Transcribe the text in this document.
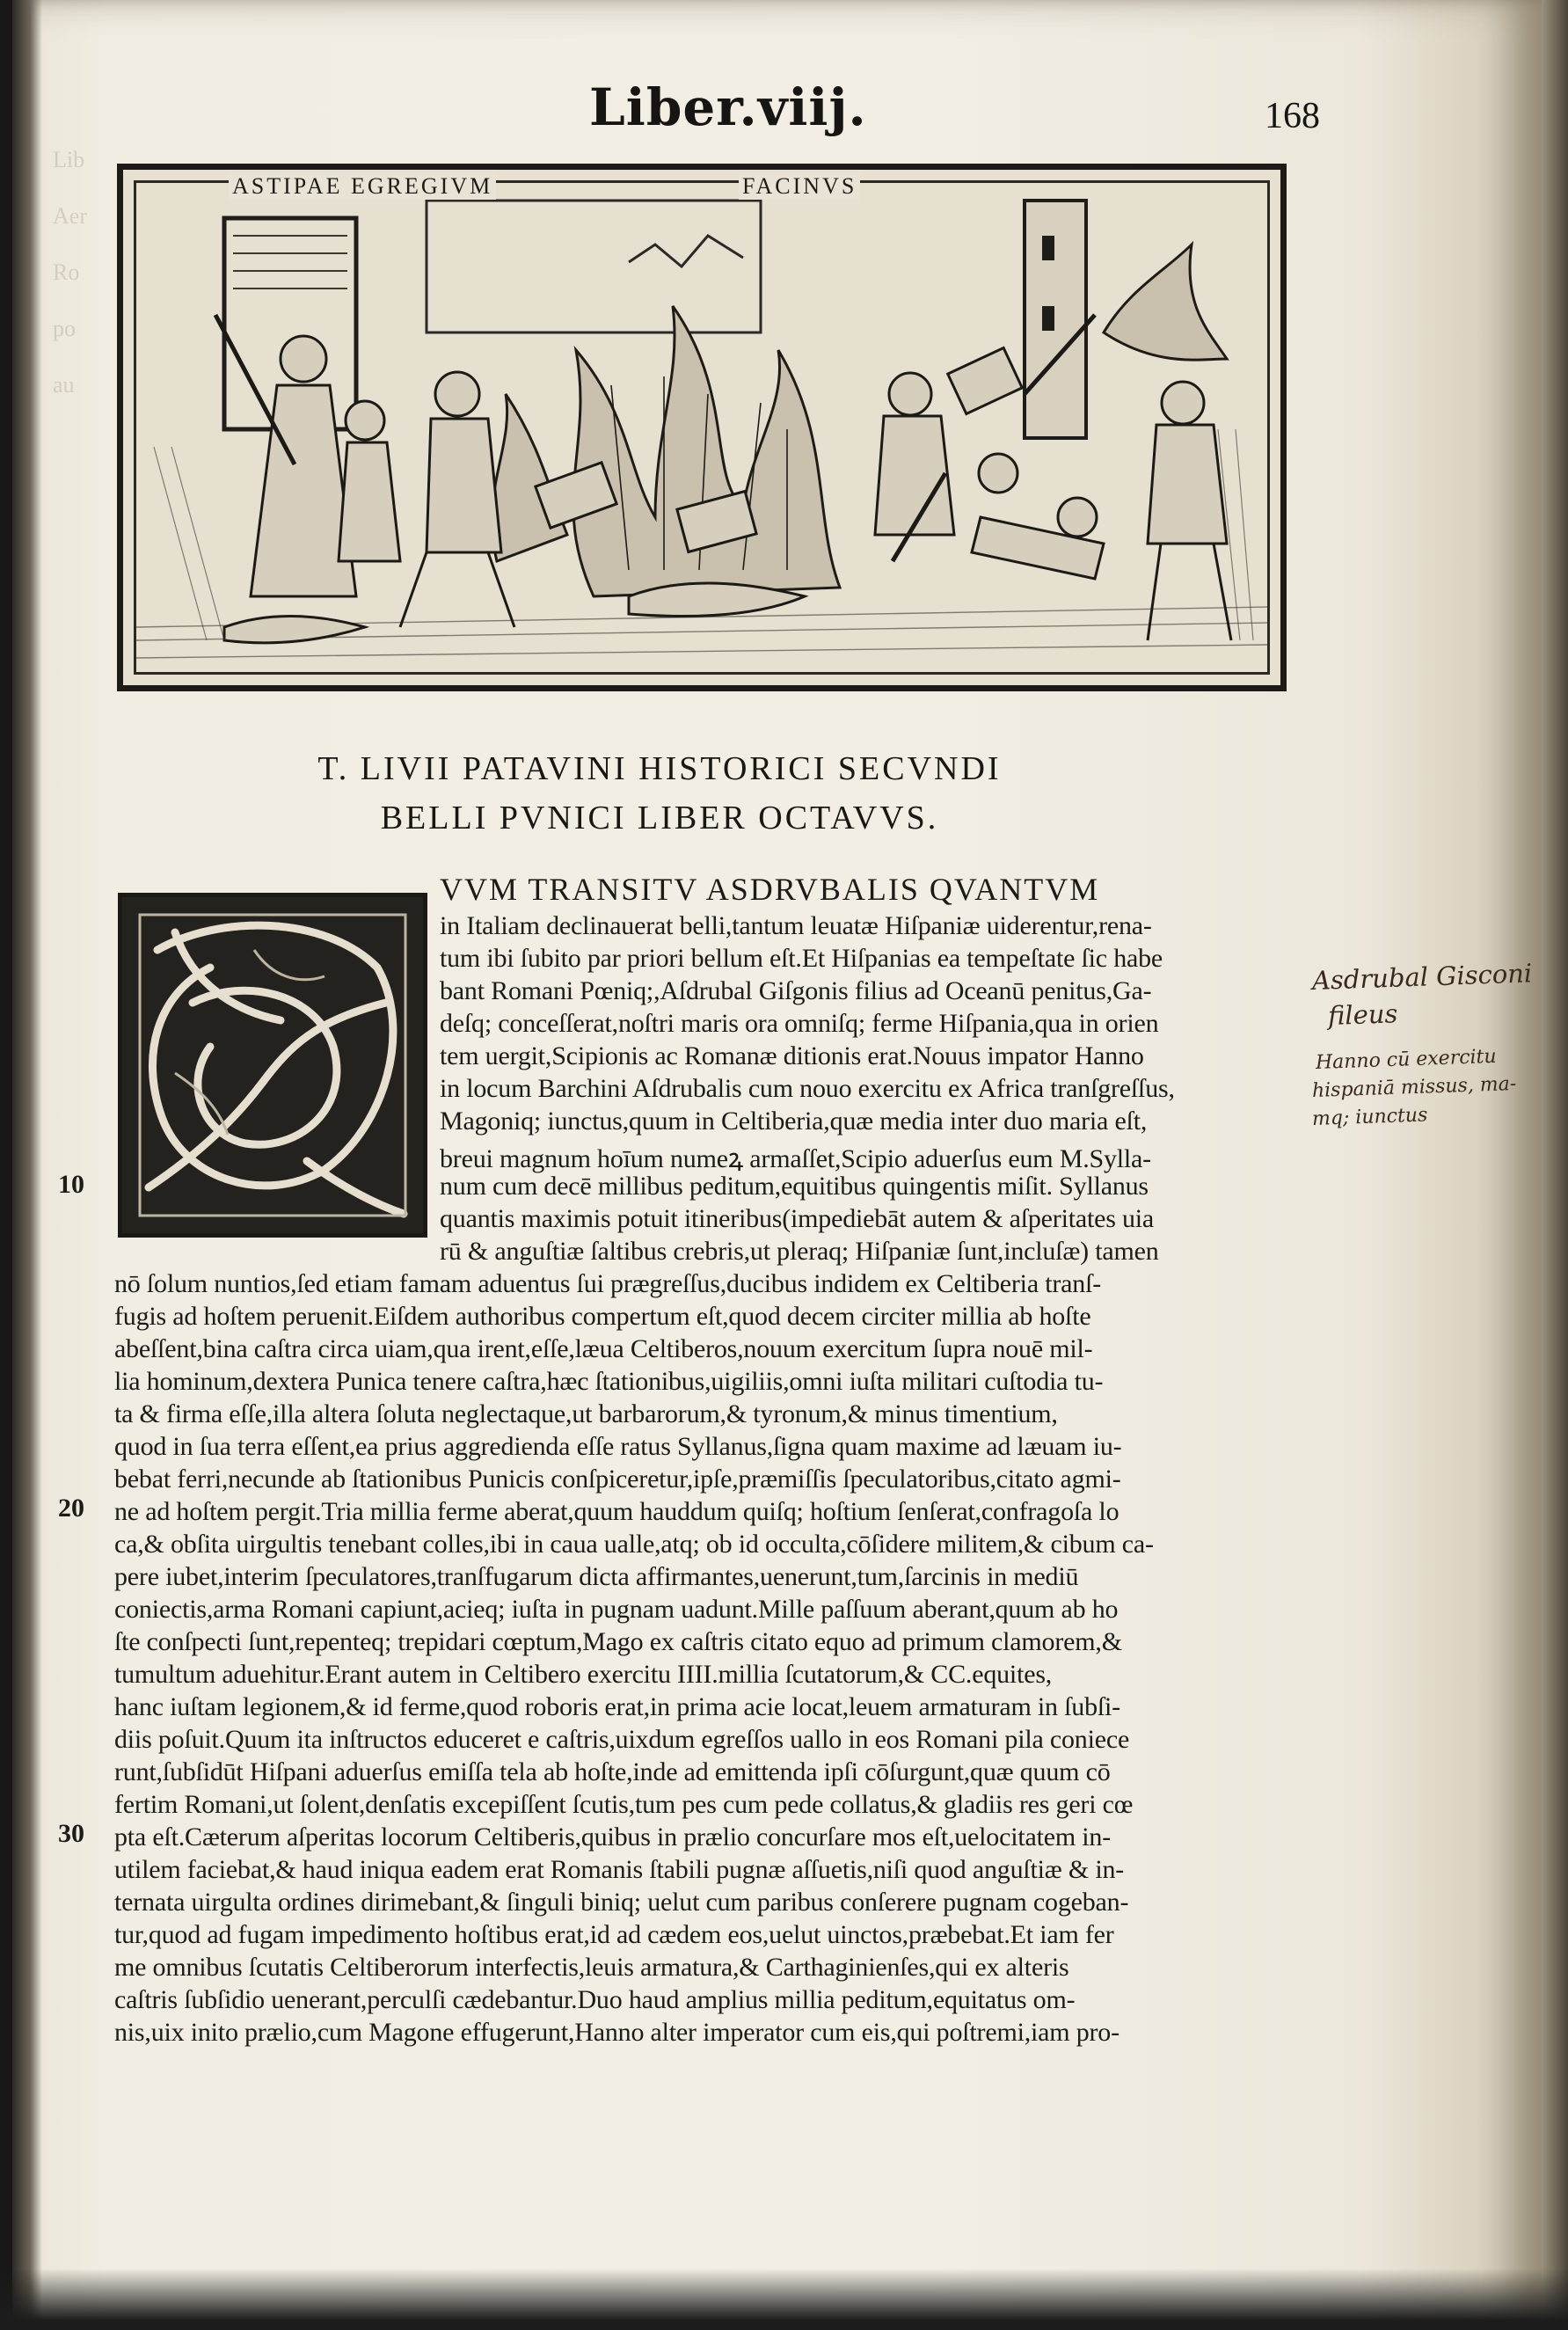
Lib
Aer
Ro
po
au
Liber.viij.	168
ASTIPAE EGREGIVM	FACINVS
T. LIVII PATAVINI HISTORICI SECVNDI
BELLI PVNICI LIBER OCTAVVS.
10
20
30
VVM TRANSITV ASDRVBALIS QVANTVM
in Italiam declinauerat belli,tantum leuatæ Hiſpaniæ uiderentur,rena-
tum ibi ſubito par priori bellum eſt.Et Hiſpanias ea tempeſtate ſic habe
bant Romani Pœniq;,Aſdrubal Giſgonis filius ad Oceanū penitus,Ga-
deſq; conceſſerat,noſtri maris ora omniſq; ferme Hiſpania,qua in orien
tem uergit,Scipionis ac Romanæ ditionis erat.Nouus impator Hanno
in locum Barchini Aſdrubalis cum nouo exercitu ex Africa tranſgreſſus,
Magoniq; iunctus,quum in Celtiberia,quæ media inter duo maria eſt,
breui magnum hoīum numeꝝ armaſſet,Scipio aduerſus eum M.Sylla-
num cum decē millibus peditum,equitibus quingentis miſit. Syllanus
quantis maximis potuit itineribus(impediebāt autem & aſperitates uia
rū & anguſtiæ ſaltibus crebris,ut pleraq; Hiſpaniæ ſunt,incluſæ) tamen
nō ſolum nuntios,ſed etiam famam aduentus ſui prægreſſus,ducibus indidem ex Celtiberia tranſ-
fugis ad hoſtem peruenit.Eiſdem authoribus compertum eſt,quod decem circiter millia ab hoſte
abeſſent,bina caſtra circa uiam,qua irent,eſſe,læua Celtiberos,nouum exercitum ſupra nouē mil-
lia hominum,dextera Punica tenere caſtra,hæc ſtationibus,uigiliis,omni iuſta militari cuſtodia tu-
ta & firma eſſe,illa altera ſoluta neglectaque,ut barbarorum,& tyronum,& minus timentium,
quod in ſua terra eſſent,ea prius aggredienda eſſe ratus Syllanus,ſigna quam maxime ad læuam iu-
bebat ferri,necunde ab ſtationibus Punicis conſpiceretur,ipſe,præmiſſis ſpeculatoribus,citato agmi-
ne ad hoſtem pergit.Tria millia ferme aberat,quum hauddum quiſq; hoſtium ſenſerat,confragoſa lo
ca,& obſita uirgultis tenebant colles,ibi in caua ualle,atq; ob id occulta,cōſidere militem,& cibum ca-
pere iubet,interim ſpeculatores,tranſfugarum dicta affirmantes,uenerunt,tum,ſarcinis in mediū
coniectis,arma Romani capiunt,acieq; iuſta in pugnam uadunt.Mille paſſuum aberant,quum ab ho
ſte conſpecti ſunt,repenteq; trepidari cœptum,Mago ex caſtris citato equo ad primum clamorem,&
tumultum aduehitur.Erant autem in Celtibero exercitu IIII.millia ſcutatorum,& CC.equites,
hanc iuſtam legionem,& id ferme,quod roboris erat,in prima acie locat,leuem armaturam in ſubſi-
diis poſuit.Quum ita inſtructos educeret e caſtris,uixdum egreſſos uallo in eos Romani pila coniece
runt,ſubſidūt Hiſpani aduerſus emiſſa tela ab hoſte,inde ad emittenda ipſi cōſurgunt,quæ quum cō
fertim Romani,ut ſolent,denſatis excepiſſent ſcutis,tum pes cum pede collatus,& gladiis res geri cœ
pta eſt.Cæterum aſperitas locorum Celtiberis,quibus in prælio concurſare mos eſt,uelocitatem in-
utilem faciebat,& haud iniqua eadem erat Romanis ſtabili pugnæ aſſuetis,niſi quod anguſtiæ & in-
ternata uirgulta ordines dirimebant,& ſinguli biniq; uelut cum paribus conſerere pugnam cogeban-
tur,quod ad fugam impedimento hoſtibus erat,id ad cædem eos,uelut uinctos,præbebat.Et iam fer
me omnibus ſcutatis Celtiberorum interfectis,leuis armatura,& Carthaginienſes,qui ex alteris
caſtris ſubſidio uenerant,perculſi cædebantur.Duo haud amplius millia peditum,equitatus om-
nis,uix inito prælio,cum Magone effugerunt,Hanno alter imperator cum eis,qui poſtremi,iam pro-
Asdrubal Gisconi
fileus
Hanno cū exercitu
hispaniā missus, ma-
mq; iunctus
